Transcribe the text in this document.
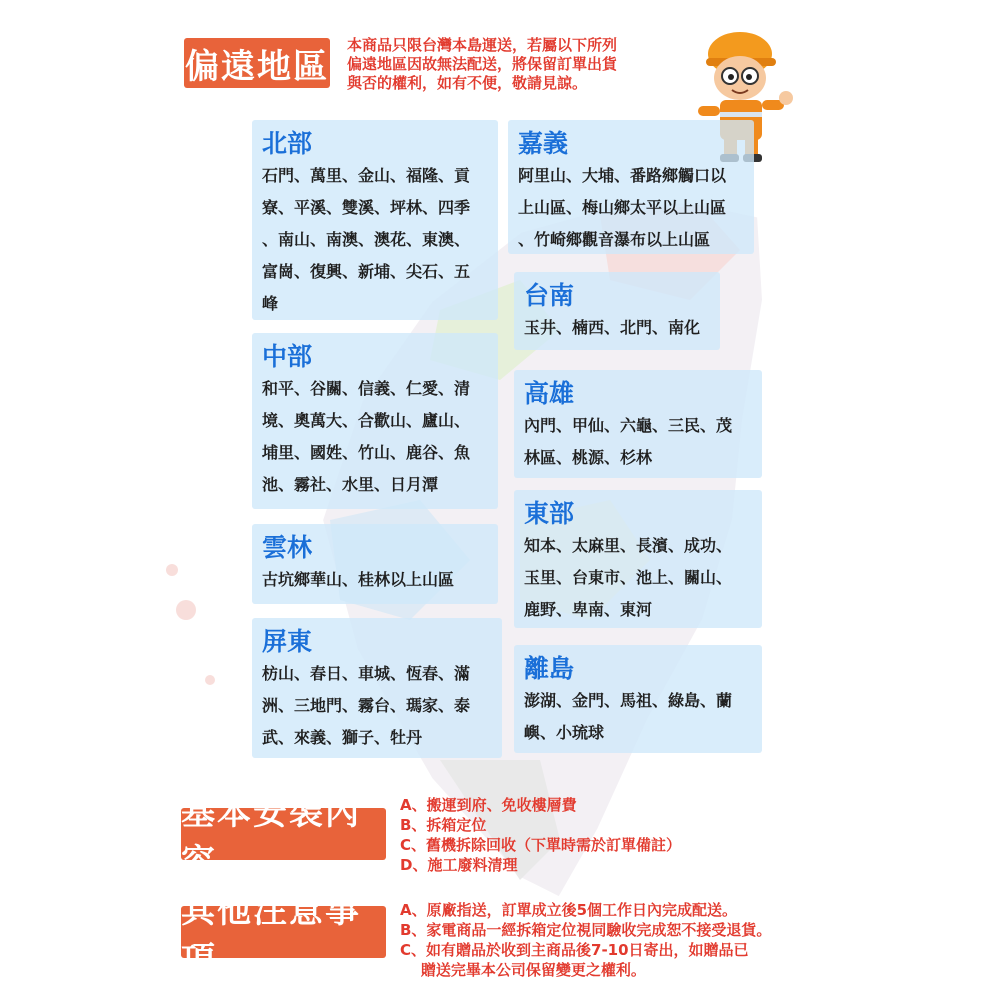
偏遠地區

本商品只限台灣本島運送，若屬以下所列
偏遠地區因故無法配送，將保留訂單出貨
與否的權利，如有不便，敬請見諒。

北部

石門、萬里、金山、福隆、貢

寮、平溪、雙溪、坪林、四季

、南山、南澳、澳花、東澳、

富崗、復興、新埔、尖石、五

峰

中部

和平、谷關、信義、仁愛、清

境、奧萬大、合歡山、廬山、

埔里、國姓、竹山、鹿谷、魚

池、霧社、水里、日月潭

雲林

古坑鄉華山、桂林以上山區

屏東

枋山、春日、車城、恆春、滿

洲、三地門、霧台、瑪家、泰

武、來義、獅子、牡丹

嘉義

阿里山、大埔、番路鄉觸口以

上山區、梅山鄉太平以上山區

、竹崎鄉觀音瀑布以上山區

台南

玉井、楠西、北門、南化

高雄

內門、甲仙、六龜、三民、茂

林區、桃源、杉林

東部

知本、太麻里、長濱、成功、

玉里、台東市、池上、關山、

鹿野、卑南、東河

離島

澎湖、金門、馬祖、綠島、蘭

嶼、小琉球

基本安裝內容
A、搬運到府、免收樓層費
B、拆箱定位
C、舊機拆除回收（下單時需於訂單備註）
D、施工廢料清理
其他注意事項
A、原廠指送，訂單成立後5個工作日內完成配送。
B、家電商品一經拆箱定位視同驗收完成恕不接受退貨。
C、如有贈品於收到主商品後7-10日寄出，如贈品已
贈送完畢本公司保留變更之權利。
